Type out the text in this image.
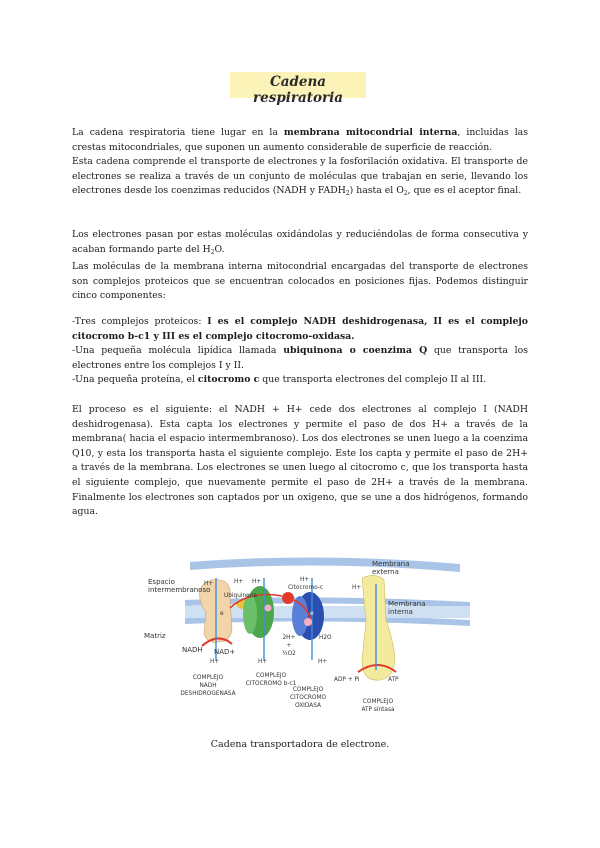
Cadena respiratoria

La cadena respiratoria tiene lugar en la membrana mitocondrial interna, incluidas las crestas mitocondriales, que suponen un aumento considerable de superficie de reacción.

Esta cadena comprende el transporte de electrones y la fosforilación oxidativa. El transporte de electrones se realiza a través de un conjunto de moléculas que trabajan en serie, llevando los electrones desde los coenzimas reducidos (NADH y $FADH_2$) hasta el $O_2$, que es el aceptor final.

Los electrones pasan por estas moléculas oxidándolas y reduciéndolas de forma consecutiva y acaban formando parte del $H_2O$.

Las moléculas de la membrana interna mitocondrial encargadas del transporte de electrones son complejos proteicos que se encuentran colocados en posiciones fijas. Podemos distinguir cinco componentes:

-Tres complejos proteicos: I es el complejo NADH deshidrogenasa, II es el complejo citocromo b-c1 y III es el complejo citocromo-oxidasa.

-Una pequeña molécula lipídica llamada ubiquinona o coenzima Q que transporta los electrones entre los complejos I y II.

-Una pequeña proteína, el citocromo c que transporta electrones del complejo II al III.

El proceso es el siguiente: el NADH + H+ cede dos electrones al complejo I (NADH deshidrogenasa). Esta capta los electrones y permite el paso de dos H+ a través de la membrana( hacia el espacio intermembranoso). Los dos electrones se unen luego a la coenzima Q10, y esta los transporta hasta el siguiente complejo. Este los capta y permite el paso de 2H+ a través de la membrana. Los electrones se unen luego al citocromo c, que los transporta hasta el siguiente complejo, que nuevamente permite el paso de 2H+ a través de la membrana. Finalmente los electrones son captados por un oxigeno, que se une a dos hidrógenos, formando agua.

Membrana
externa
Espacio
intermembranoso
Membrana
interna
Matriz
Ubiquinona
Citocromo-c
H+	H+ H+	H+
H+
NADH NAD+
H+	H+	H+
H2O
2H+
+
½O2
ADP + Pi	ATP
e	e
COMPLEJO
NADH
DESHIDROGENASA
COMPLEJO
CITOCROMO b-c1
COMPLEJO
CITOCROMO
OXIDASA
COMPLEJO
ATP síntasa
Cadena transportadora de electrone.
